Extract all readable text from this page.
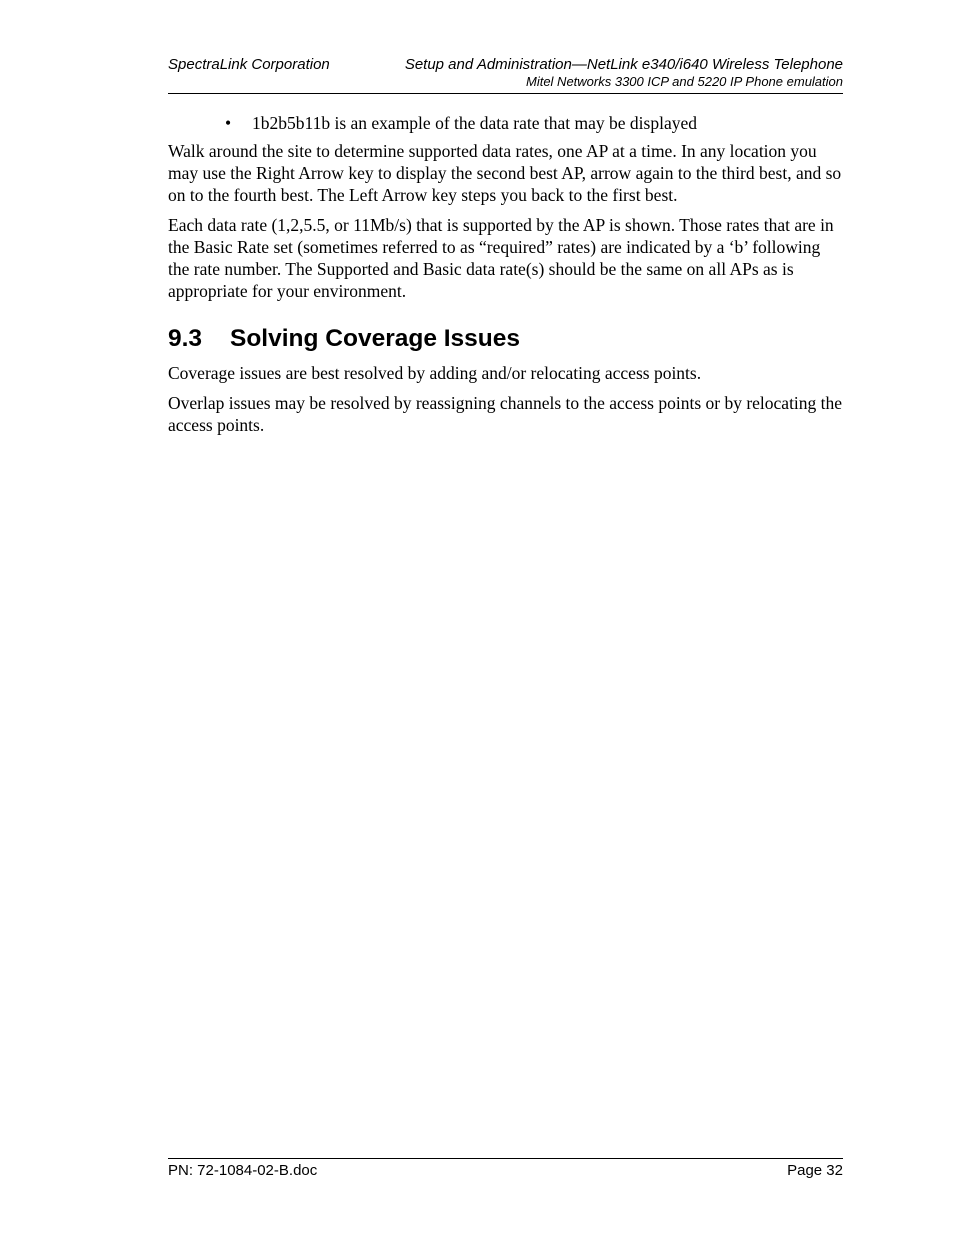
SpectraLink Corporation	Setup and Administration—NetLink e340/i640 Wireless Telephone
Mitel Networks 3300 ICP and 5220 IP Phone emulation
• 1b2b5b11b is an example of the data rate that may be displayed

Walk around the site to determine supported data rates, one AP at a time. In any location you may use the Right Arrow key to display the second best AP, arrow again to the third best, and so on to the fourth best. The Left Arrow key steps you back to the first best.

Each data rate (1,2,5.5, or 11Mb/s) that is supported by the AP is shown. Those rates that are in the Basic Rate set (sometimes referred to as “required” rates) are indicated by a ‘b’ following the rate number. The Supported and Basic data rate(s) should be the same on all APs as is appropriate for your environment.

9.3	Solving Coverage Issues

Coverage issues are best resolved by adding and/or relocating access points.

Overlap issues may be resolved by reassigning channels to the access points or by relocating the access points.

PN: 72-1084-02-B.doc	Page 32
